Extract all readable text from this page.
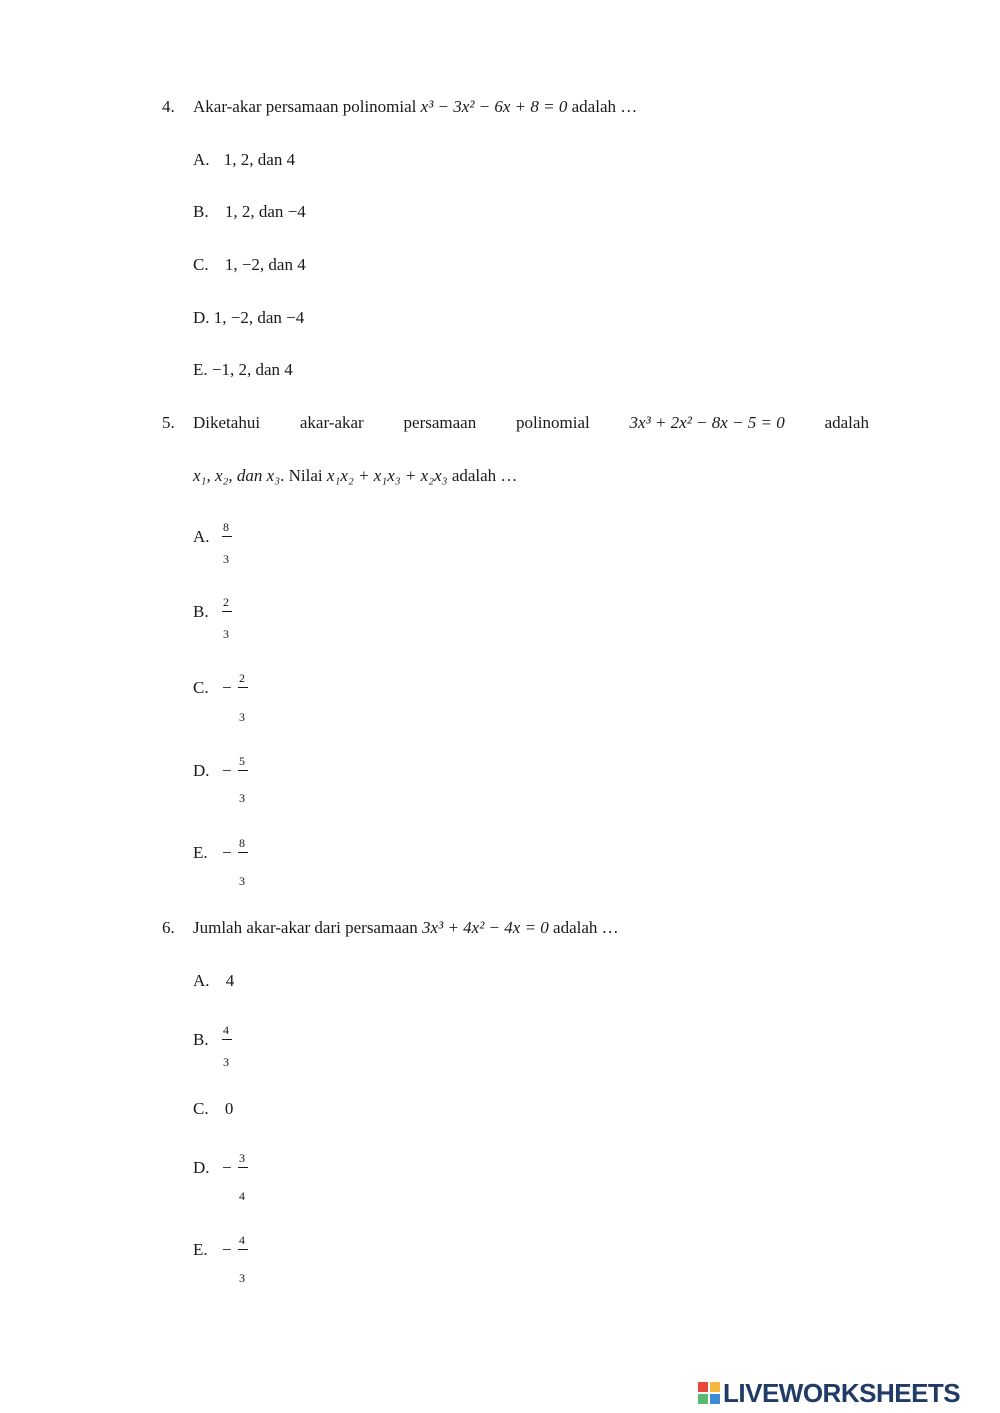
4. Akar-akar persamaan polinomial x³ − 3x² − 6x + 8 = 0 adalah …
A. 1, 2, dan 4
B. 1, 2, dan −4
C. 1, −2, dan 4
D. 1, −2, dan −4
E. −1, 2, dan 4
5. Diketahui akar-akar persamaan polinomial 3x³ + 2x² − 8x − 5 = 0 adalah
x₁, x₂, dan x₃. Nilai x₁x₂ + x₁x₃ + x₂x₃ adalah …
A. 8
3
B. 2
3
C. − 2
3
D. − 5
3
E. − 8
3
6. Jumlah akar-akar dari persamaan 3x³ + 4x² − 4x = 0 adalah …
A. 4
B. 4
3
C. 0
D. − 3
4
E. − 4
3
LIVEWORKSHEETS
